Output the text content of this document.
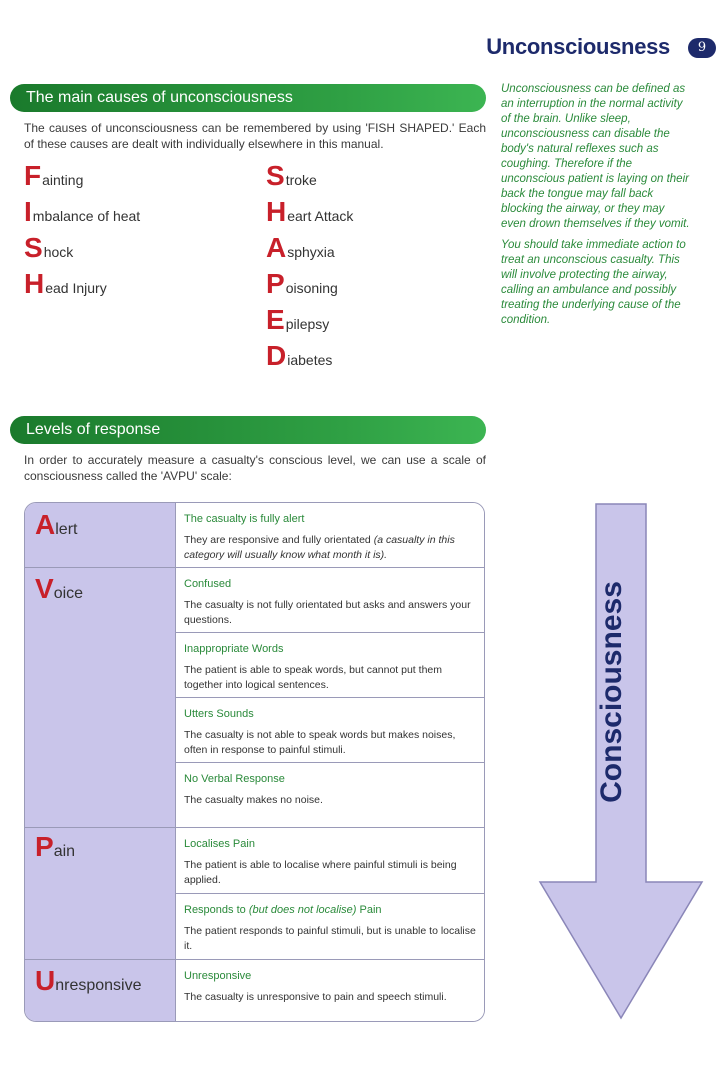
Unconsciousness	9
The main causes of unconsciousness
The causes of unconsciousness can be remembered by using 'FISH SHAPED.' Each of these causes are dealt with individually elsewhere in this manual.
Fainting
Imbalance of heat
Shock
Head Injury
Stroke
Heart Attack
Asphyxia
Poisoning
Epilepsy
Diabetes

Unconsciousness can be defined as an interruption in the normal activity of the brain. Unlike sleep, unconsciousness can disable the body's natural reflexes such as coughing. Therefore if the unconscious patient is laying on their back the tongue may fall back blocking the airway, or they may even drown themselves if they vomit.

You should take immediate action to treat an unconscious casualty. This will involve protecting the airway, calling an ambulance and possibly treating the underlying cause of the condition.

Levels of response
In order to accurately measure a casualty's conscious level, we can use a scale of consciousness called the 'AVPU' scale:
Alert
Voice
Pain
Unresponsive
The casualty is fully alert
They are responsive and fully orientated (a casualty in this category will usually know what month it is).
Confused
The casualty is not fully orientated but asks and answers your questions.
Inappropriate Words
The patient is able to speak words, but cannot put them together into logical sentences.
Utters Sounds
The casualty is not able to speak words but makes noises, often in response to painful stimuli.
No Verbal Response
The casualty makes no noise.
Localises Pain
The patient is able to localise where painful stimuli is being applied.
Responds to (but does not localise) Pain
The patient responds to painful stimuli, but is unable to localise it.
Unresponsive
The casualty is unresponsive to pain and speech stimuli.
Consciousness
